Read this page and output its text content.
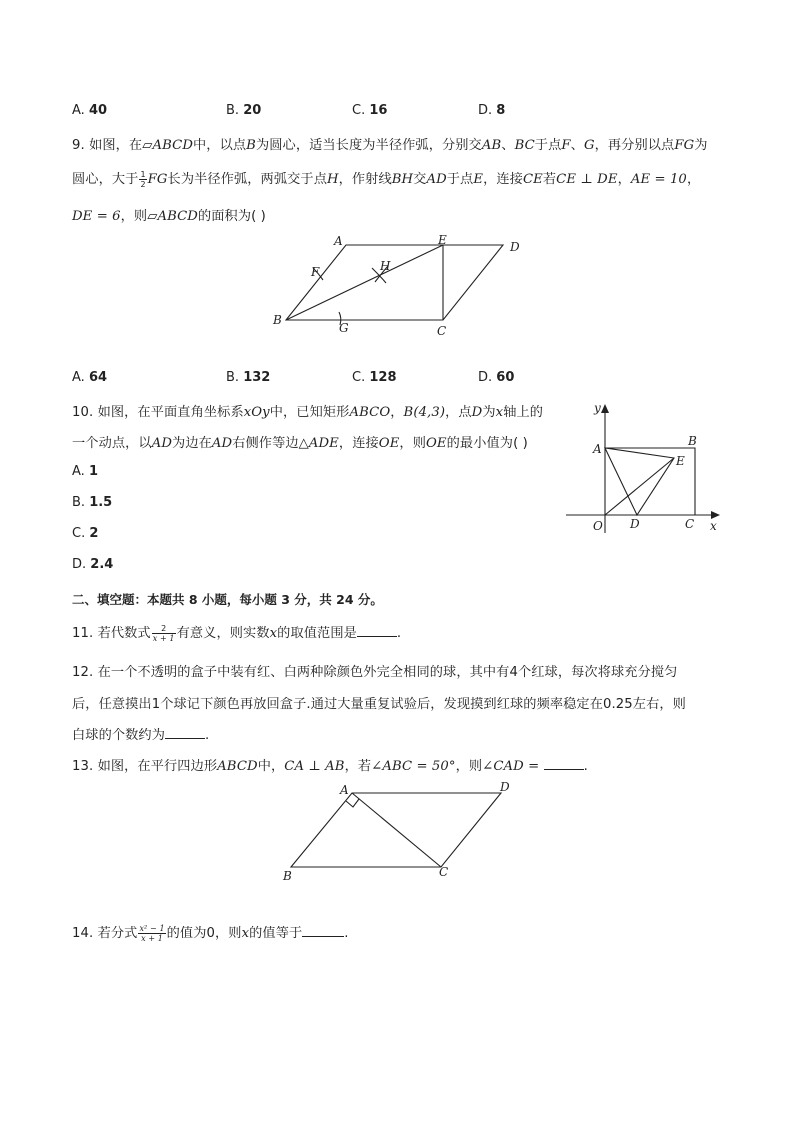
A. 40	B. 20	C. 16	D. 8
9. 如图，在▱ABCD中，以点B为圆心，适当长度为半径作弧，分别交AB、BC于点F、G，再分别以点FG为
圆心，大于 $\frac{1}{2}$ FG长为半径作弧，两弧交于点H，作射线BH交AD于点E，连接CE若CE ⊥ DE，AE = 10，
DE = 6，则▱ABCD的面积为( )
A	E	D
F	H
B
G	C
A. 64	B. 132	C. 128	D. 60
10. 如图，在平面直角坐标系xOy中，已知矩形ABCO，B(4,3)，点D为x轴上的
一个动点，以AD为边在AD右侧作等边△ADE，连接OE，则OE的最小值为( )
A. 1
B. 1.5
C. 2
D. 2.4
y
A
B
E
O D	C x
二、填空题：本题共 8 小题，每小题 3 分，共 24 分。
11. 若代数式 $\frac{2}{x + 1}$ 有意义，则实数x的取值范围是	.
12. 在一个不透明的盒子中装有红、白两种除颜色外完全相同的球，其中有4个红球，每次将球充分搅匀
后，任意摸出1个球记下颜色再放回盒子.通过大量重复试验后，发现摸到红球的频率稳定在0.25左右，则
白球的个数约为	.
13. 如图，在平行四边形ABCD中，CA ⊥ AB，若∠ABC = 50°，则∠CAD =	.
A	D
B	C
14. 若分式 $\frac{\text{x² − 1}}{x + 1}$ 的值为0，则x的值等于	.
